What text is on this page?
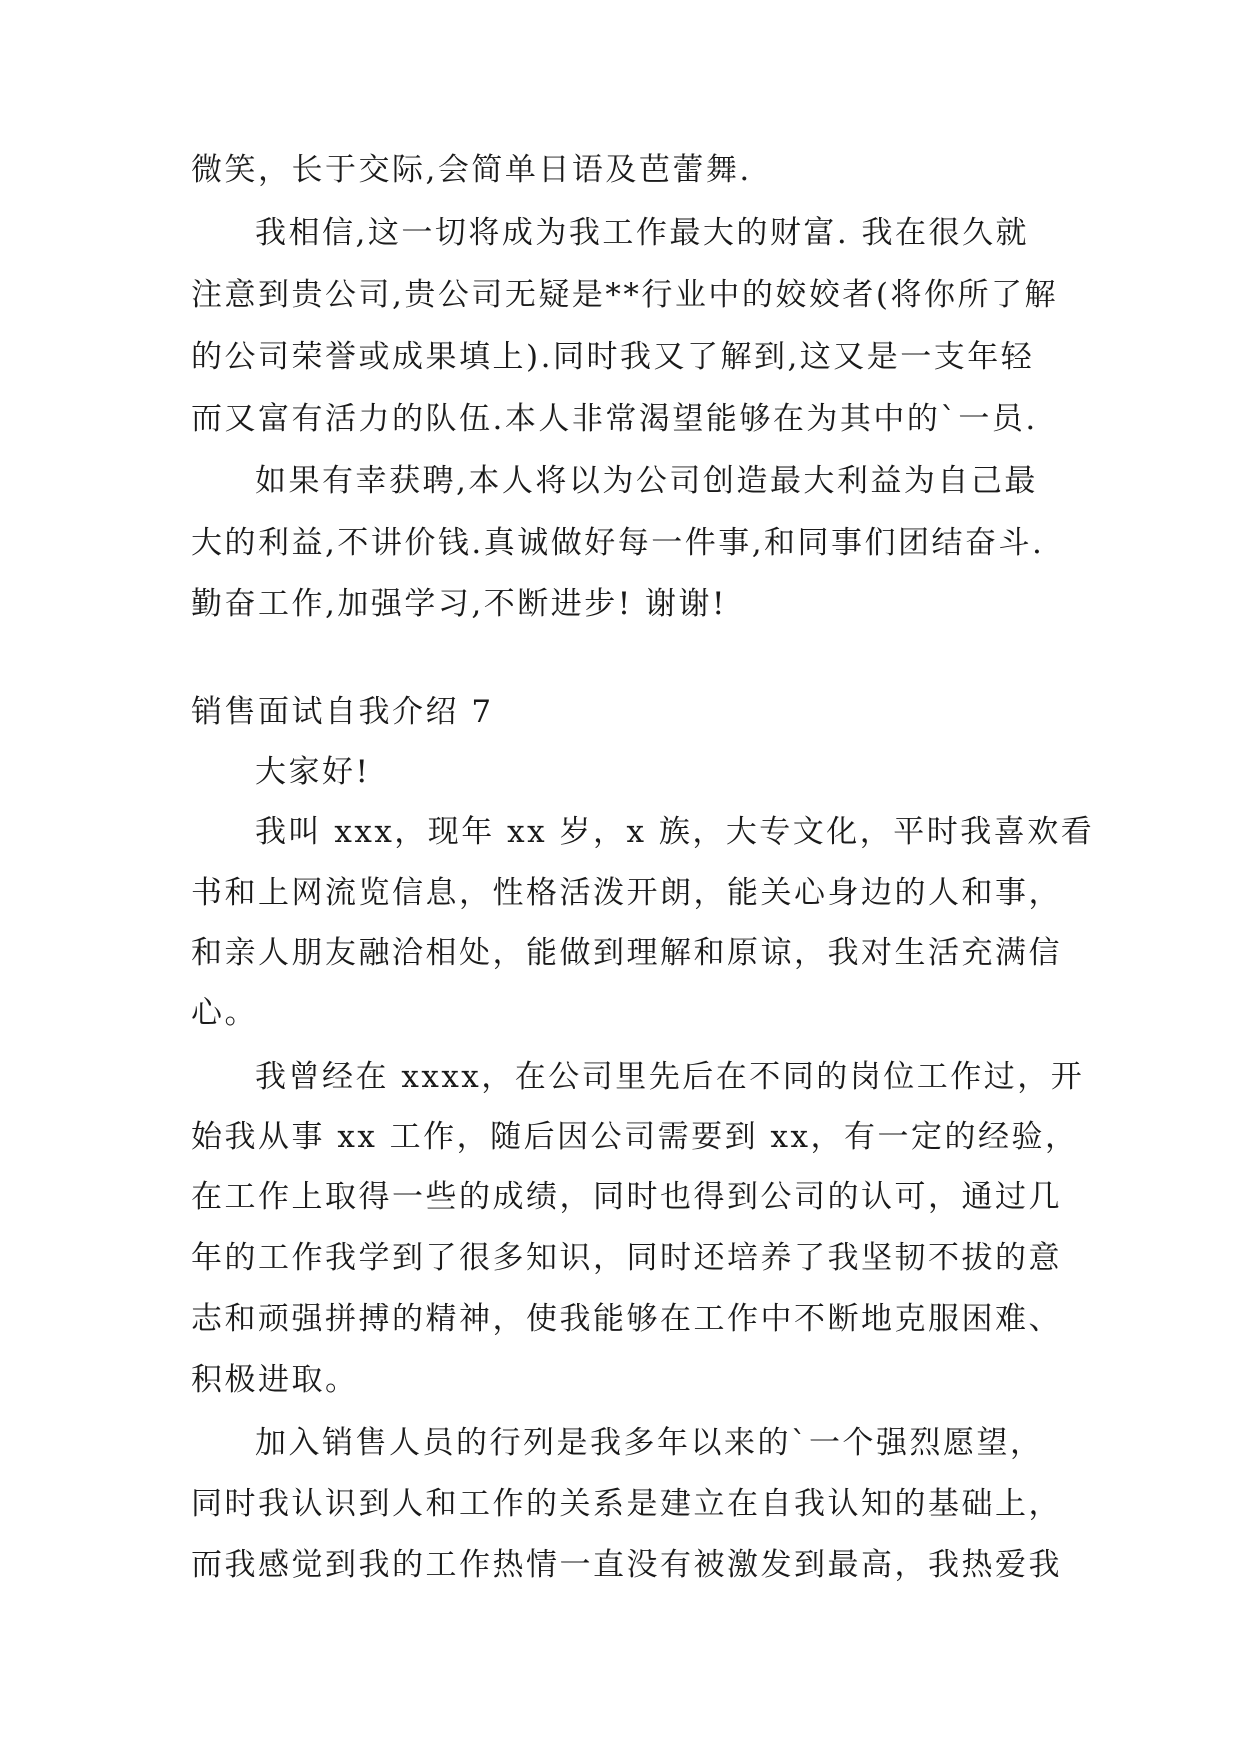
微笑，长于交际,会简单日语及芭蕾舞.
我相信,这一切将成为我工作最大的财富. 我在很久就
注意到贵公司,贵公司无疑是**行业中的姣姣者(将你所了解
的公司荣誉或成果填上).同时我又了解到,这又是一支年轻
而又富有活力的队伍.本人非常渴望能够在为其中的`一员.
如果有幸获聘,本人将以为公司创造最大利益为自己最
大的利益,不讲价钱.真诚做好每一件事,和同事们团结奋斗.
勤奋工作,加强学习,不断进步! 谢谢!
销售面试自我介绍 7
大家好!
我叫 xxx，现年 xx 岁，x 族，大专文化，平时我喜欢看
书和上网流览信息，性格活泼开朗，能关心身边的人和事，
和亲人朋友融洽相处，能做到理解和原谅，我对生活充满信
心。
我曾经在 xxxx，在公司里先后在不同的岗位工作过，开
始我从事 xx 工作，随后因公司需要到 xx，有一定的经验，
在工作上取得一些的成绩，同时也得到公司的认可，通过几
年的工作我学到了很多知识，同时还培养了我坚韧不拔的意
志和顽强拼搏的精神，使我能够在工作中不断地克服困难、
积极进取。
加入销售人员的行列是我多年以来的`一个强烈愿望，
同时我认识到人和工作的关系是建立在自我认知的基础上，
而我感觉到我的工作热情一直没有被激发到最高，我热爱我
